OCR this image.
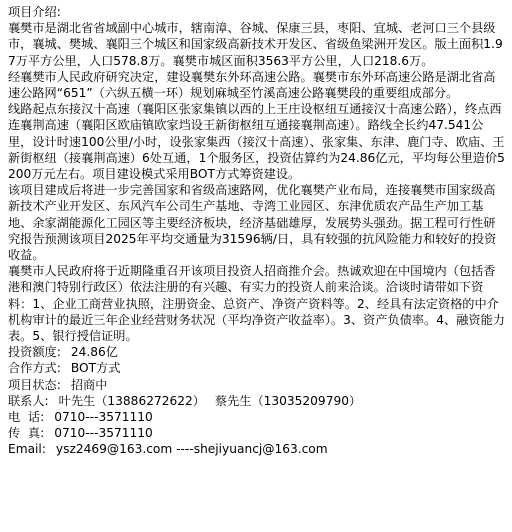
项目介绍:

襄樊市是湖北省省域副中心城市，辖南漳、谷城、保康三县，枣阳、宜城、老河口三个县级市，襄城、樊城、襄阳三个城区和国家级高新技术开发区、省级鱼梁洲开发区。版土面积1.97万平方公里，人口578.8万。襄樊市城区面积3563平方公里，人口218.6万。

经襄樊市人民政府研究决定，建设襄樊东外环高速公路。襄樊市东外环高速公路是湖北省高速公路网“651”（六纵五横一环）规划麻城至竹溪高速公路襄樊段的重要组成部分。

线路起点东接汉十高速（襄阳区张家集镇以西的上王庄设枢纽互通接汉十高速公路），终点西连襄荆高速（襄阳区欧庙镇欧家垱设王新街枢纽互通接襄荆高速）。路线全长约47.541公里，设计时速100公里/小时，设张家集西（接汉十高速）、张家集、东津、鹿门寺、欧庙、王新街枢纽（接襄荆高速）6处互通，1个服务区，投资估算约为24.86亿元，平均每公里造价5200万元左右。项目建设模式采用BOT方式筹资建设。

该项目建成后将进一步完善国家和省级高速路网，优化襄樊产业布局，连接襄樊市国家级高新技术产业开发区、东风汽车公司生产基地、寺湾工业园区、东津优质农产品生产加工基地、余家湖能源化工园区等主要经济板块，经济基础雄厚，发展势头强劲。据工程可行性研究报告预测该项目2025年平均交通量为31596辆/日，具有较强的抗风险能力和较好的投资收益。

襄樊市人民政府将于近期隆重召开该项目投资人招商推介会。热诚欢迎在中国境内（包括香港和澳门特别行政区）依法注册的有兴趣、有实力的投资人前来洽谈。洽谈时请带如下资料：1、企业工商营业执照，注册资金、总资产、净资产资料等。2、经具有法定资格的中介机构审计的最近三年企业经营财务状况（平均净资产收益率）。3、资产负债率。4、融资能力表。5、银行授信证明。

投资额度: 24.86亿

合作方式: BOT方式

项目状态: 招商中

联系人: 叶先生（13886272622） 蔡先生（13035209790）

电  话: 0710---3571110

传  真: 0710---3571110

Email: ysz2469@163.com ----shejiyuancj@163.com
